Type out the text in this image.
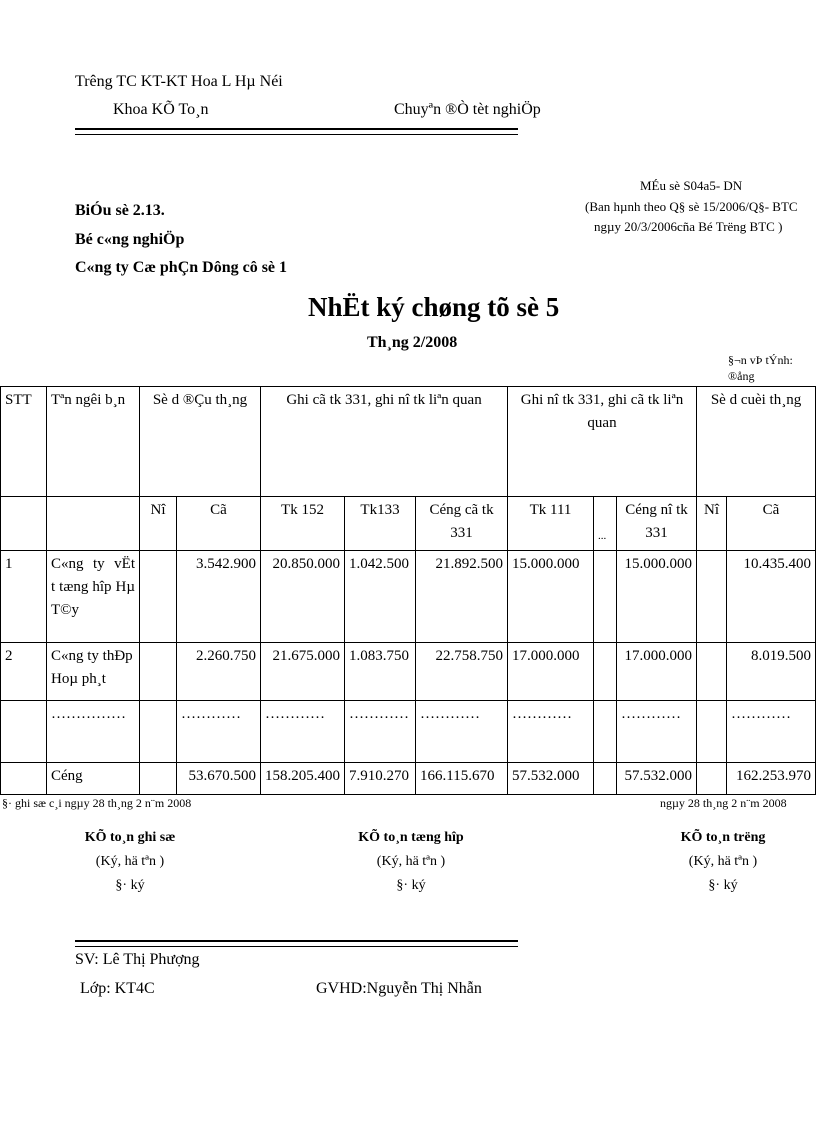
Trêng TC KT-KT Hoa L Hµ Néi
Khoa KÕ To¸n	Chuyªn ®Ò tèt nghiÖp
MÉu sè S04a5- DN
(Ban hµnh theo Q§ sè 15/2006/Q§- BTC
ngµy 20/3/2006cña Bé Trëng BTC )
BiÓu sè 2.13.
Bé c«ng nghiÖp
C«ng ty Cæ phÇn Dông cô sè 1
NhËt ký chøng tõ sè 5
Th¸ng 2/2008
§¬n vÞ tÝnh: ®ång
STT	Tªn ngêi b¸n	Sè d ®Çu th¸ng		Ghi cã tk 331, ghi nî tk liªn quan			Ghi nî tk 331, ghi cã tk liªn quan			Sè d cuèi th¸ng	
		Nî	Cã	Tk 152	Tk133	Céng cã tk 331	Tk 111	...	Céng nî tk 331	Nî	Cã
1	C«ng ty vËt t tæng hîp Hµ T©y		3.542.900	20.850.000	1.042.500	21.892.500	15.000.000		15.000.000		10.435.400
2	C«ng ty thÐp Hoµ ph¸t		2.260.750	21.675.000	1.083.750	22.758.750	17.000.000		17.000.000		8.019.500
	……………		…………	…………	…………	…………	…………		…………		…………
	Céng		53.670.500	158.205.400	7.910.270	166.115.670	57.532.000		57.532.000		162.253.970
§· ghi sæ c¸i ngµy 28 th¸ng 2 n¨m 2008	ngµy 28 th¸ng 2 n¨m 2008
KÕ to¸n ghi sæ
(Ký, hä tªn )
§· ký
KÕ to¸n tæng hîp
(Ký, hä tªn )
§· ký
KÕ to¸n trëng
(Ký, hä tªn )
§· ký
SV: Lê Thị Phượng
Lớp: KT4C	GVHD:Nguyễn Thị Nhẫn
